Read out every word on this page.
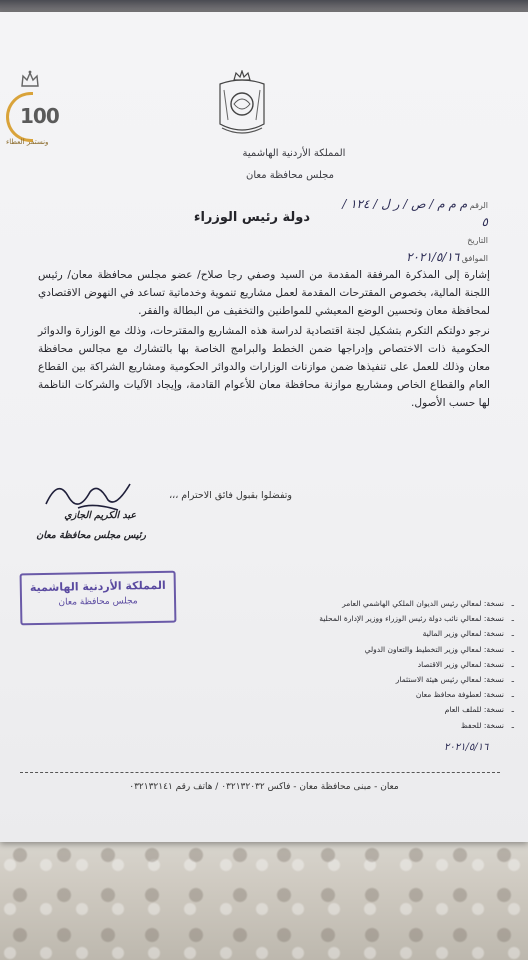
100
ونستمر العطاء
المملكة الأردنية الهاشمية
مجلس محافظة معان
الرقم م م م / ص / ر ل / ١٢٤ / ٥
التاريخ
الموافق ٢٠٢١/٥/١٦
دولة رئيس الوزراء

إشارة إلى المذكرة المرفقة المقدمة من السيد وصفي رجا صلاح/ عضو مجلس محافظة معان/ رئيس اللجنة المالية، بخصوص المقترحات المقدمة لعمل مشاريع تنموية وخدماتية تساعد في النهوض الاقتصادي لمحافظة معان وتحسين الوضع المعيشي للمواطنين والتخفيف من البطالة والفقر.

نرجو دولتكم التكرم بتشكيل لجنة اقتصادية لدراسة هذه المشاريع والمقترحات، وذلك مع الوزارة والدوائر الحكومية ذات الاختصاص وإدراجها ضمن الخطط والبرامج الخاصة بها بالتشارك مع مجالس محافظة معان وذلك للعمل على تنفيذها ضمن موازنات الوزارات والدوائر الحكومية ومشاريع الشراكة بين القطاع العام والقطاع الخاص ومشاريع موازنة محافظة معان للأعوام القادمة، وإيجاد الآليات والشركات الناظمة لها حسب الأصول.

وتفضلوا بقبول فائق الاحترام ،،،
عبد الكريم الجازي
رئيس مجلس محافظة معان
المملكة الأردنية الهاشمية
مجلس محافظة معان	ـ
نسخة: لمعالي رئيس الديوان الملكي الهاشمي العامر
ـ
نسخة: لمعالي نائب دولة رئيس الوزراء ووزير الإدارة المحلية
ـ
نسخة: لمعالي وزير المالية
ـ
نسخة: لمعالي وزير التخطيط والتعاون الدولي
ـ
نسخة: لمعالي وزير الاقتصاد
ـ
نسخة: لمعالي رئيس هيئة الاستثمار
ـ
نسخة: لعطوفة محافظ معان
ـ
نسخة: للملف العام
ـ
نسخة: للحفظ
٢٠٢١/٥/١٦
معان - مبنى محافظة معان - فاكس ٠٣٢١٣٢٠٣٢ / هاتف رقم ٠٣٢١٣٢١٤١
